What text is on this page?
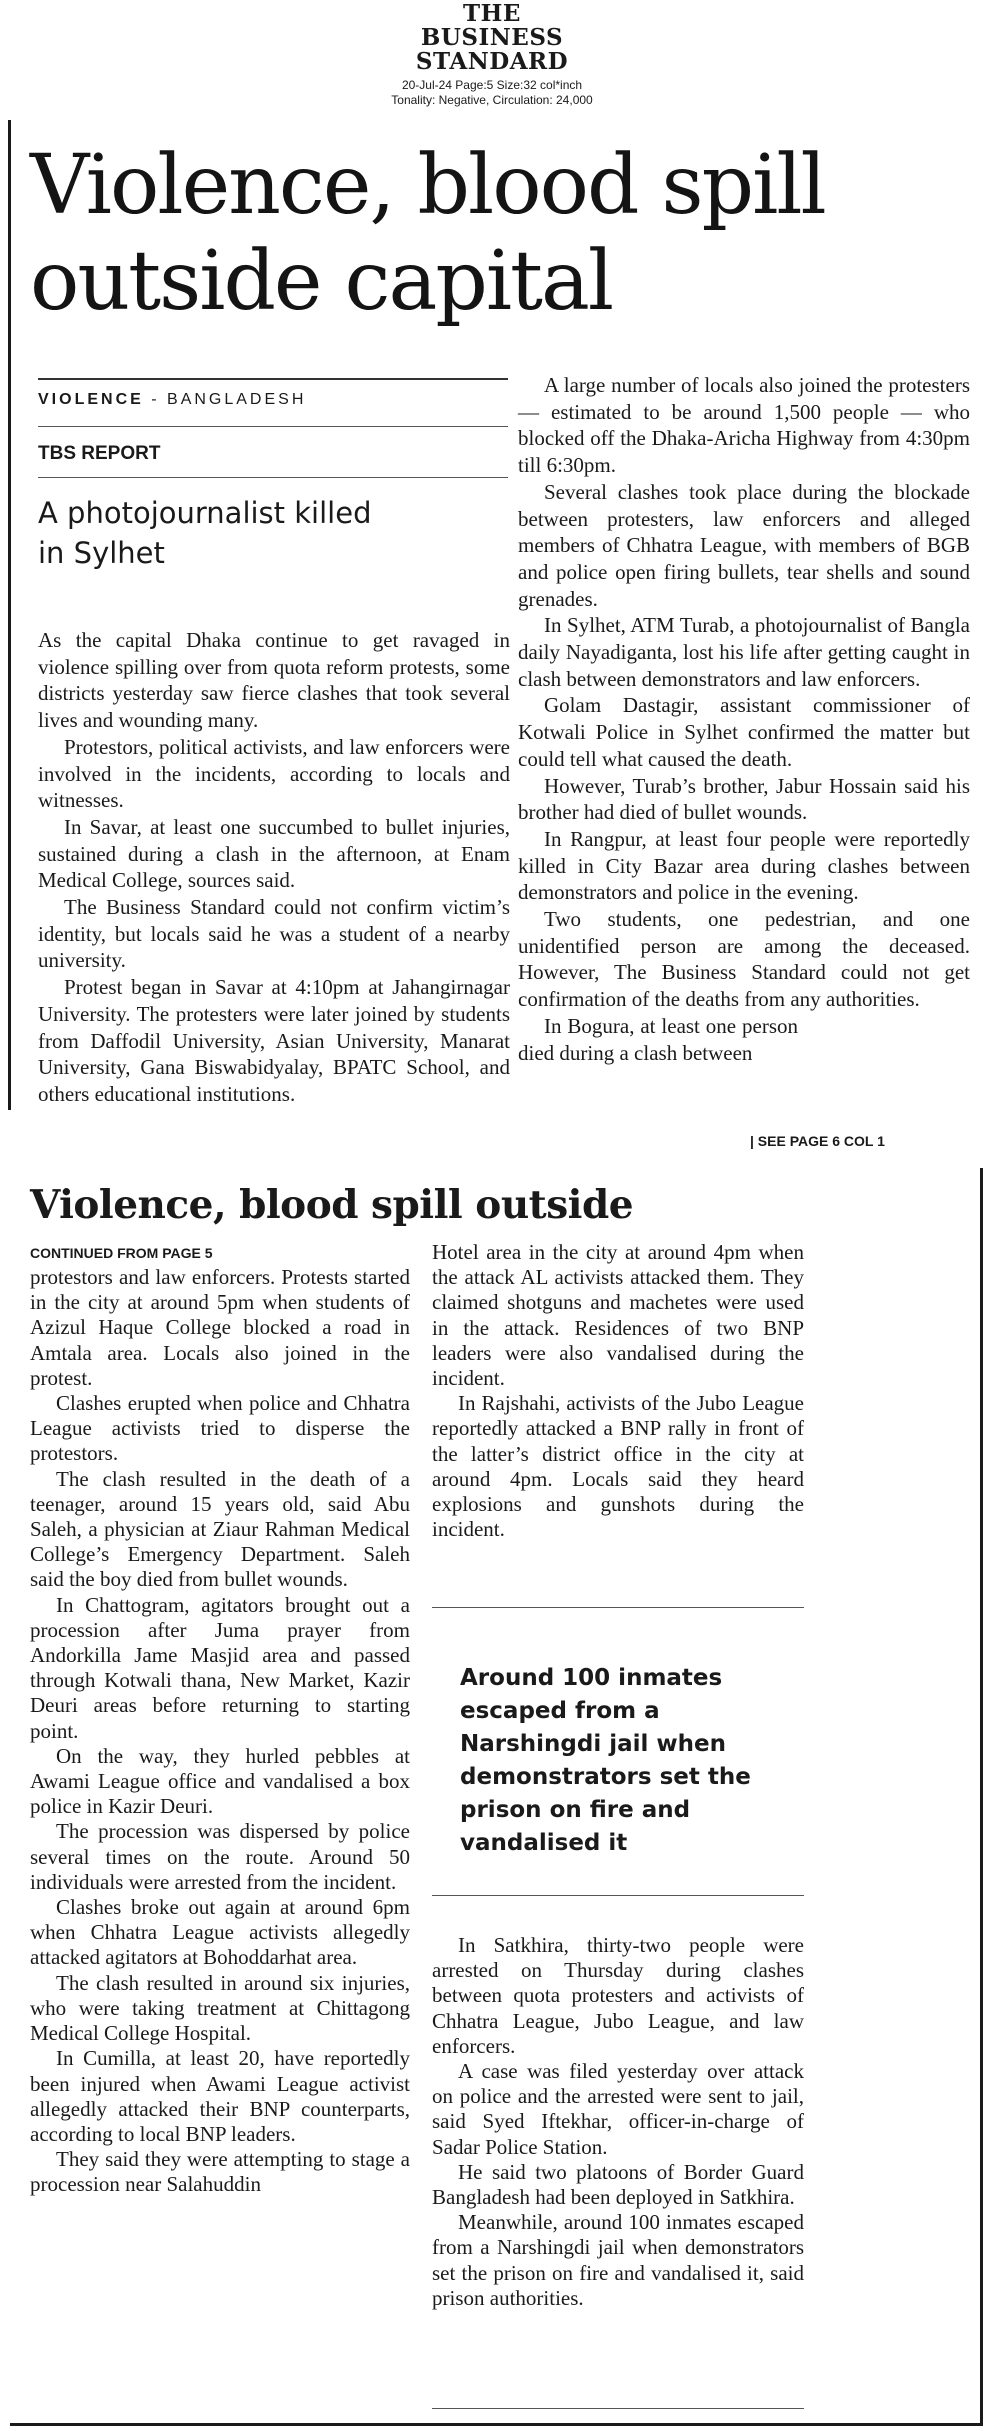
THE
BUSINESS
STANDARD
20-Jul-24 Page:5 Size:32 col*inch
Tonality: Negative, Circulation: 24,000
Violence, blood spill
outside capital
VIOLENCE - BANGLADESH
TBS REPORT
A photojournalist killed
in Sylhet

As the capital Dhaka continue to get ravaged in violence spilling over from quota reform protests, some districts yesterday saw fierce clashes that took several lives and wounding many.

Protestors, political activists, and law enforcers were involved in the incidents, according to locals and witnesses.

In Savar, at least one succumbed to bullet injuries, sustained during a clash in the afternoon, at Enam Medical College, sources said.

The Business Standard could not confirm victim’s identity, but locals said he was a student of a nearby university.

Protest began in Savar at 4:10pm at Jahangirnagar University. The protesters were later joined by students from Daffodil University, Asian University, Manarat University, Gana Biswabidyalay, BPATC School, and others educational institutions.

A large number of locals also joined the protesters — estimated to be around 1,500 people — who blocked off the Dhaka-Aricha Highway from 4:30pm till 6:30pm.

Several clashes took place during the blockade between protesters, law enforcers and alleged members of Chhatra League, with members of BGB and police open firing bullets, tear shells and sound grenades.

In Sylhet, ATM Turab, a photojournalist of Bangla daily Nayadiganta, lost his life after getting caught in clash between demonstrators and law enforcers.

Golam Dastagir, assistant commissioner of Kotwali Police in Sylhet confirmed the matter but could tell what caused the death.

However, Turab’s brother, Jabur Hossain said his brother had died of bullet wounds.

In Rangpur, at least four people were reportedly killed in City Bazar area during clashes between demonstrators and police in the evening.

Two students, one pedestrian, and one unidentified person are among the deceased. However, The Business Standard could not get confirmation of the deaths from any authorities.

In Bogura, at least one person died during a clash between

| SEE PAGE 6 COL 1
Violence, blood spill outside
CONTINUED FROM PAGE 5

protestors and law enforcers. Protests started in the city at around 5pm when students of Azizul Haque College blocked a road in Amtala area. Locals also joined in the protest.

Clashes erupted when police and Chhatra League activists tried to disperse the protestors.

The clash resulted in the death of a teenager, around 15 years old, said Abu Saleh, a physician at Ziaur Rahman Medical College’s Emergency Department. Saleh said the boy died from bullet wounds.

In Chattogram, agitators brought out a procession after Juma prayer from Andorkilla Jame Masjid area and passed through Kotwali thana, New Market, Kazir Deuri areas before returning to starting point.

On the way, they hurled pebbles at Awami League office and vandalised a box police in Kazir Deuri.

The procession was dispersed by police several times on the route. Around 50 individuals were arrested from the incident.

Clashes broke out again at around 6pm when Chhatra League activists allegedly attacked agitators at Bohoddarhat area.

The clash resulted in around six injuries, who were taking treatment at Chittagong Medical College Hospital.

In Cumilla, at least 20, have reportedly been injured when Awami League activist allegedly attacked their BNP counterparts, according to local BNP leaders.

They said they were attempting to stage a procession near Salahuddin

Hotel area in the city at around 4pm when the attack AL activists attacked them. They claimed shotguns and machetes were used in the attack. Residences of two BNP leaders were also vandalised during the incident.

In Rajshahi, activists of the Jubo League reportedly attacked a BNP rally in front of the latter’s district office in the city at around 4pm. Locals said they heard explosions and gunshots during the incident.

Around 100 inmates escaped from a Narshingdi jail when demonstrators set the prison on fire and vandalised it

In Satkhira, thirty-two people were arrested on Thursday during clashes between quota protesters and activists of Chhatra League, Jubo League, and law enforcers.

A case was filed yesterday over attack on police and the arrested were sent to jail, said Syed Iftekhar, officer-in-charge of Sadar Police Station.

He said two platoons of Border Guard Bangladesh had been deployed in Satkhira.

Meanwhile, around 100 inmates escaped from a Narshingdi jail when demonstrators set the prison on fire and vandalised it, said prison authorities.
